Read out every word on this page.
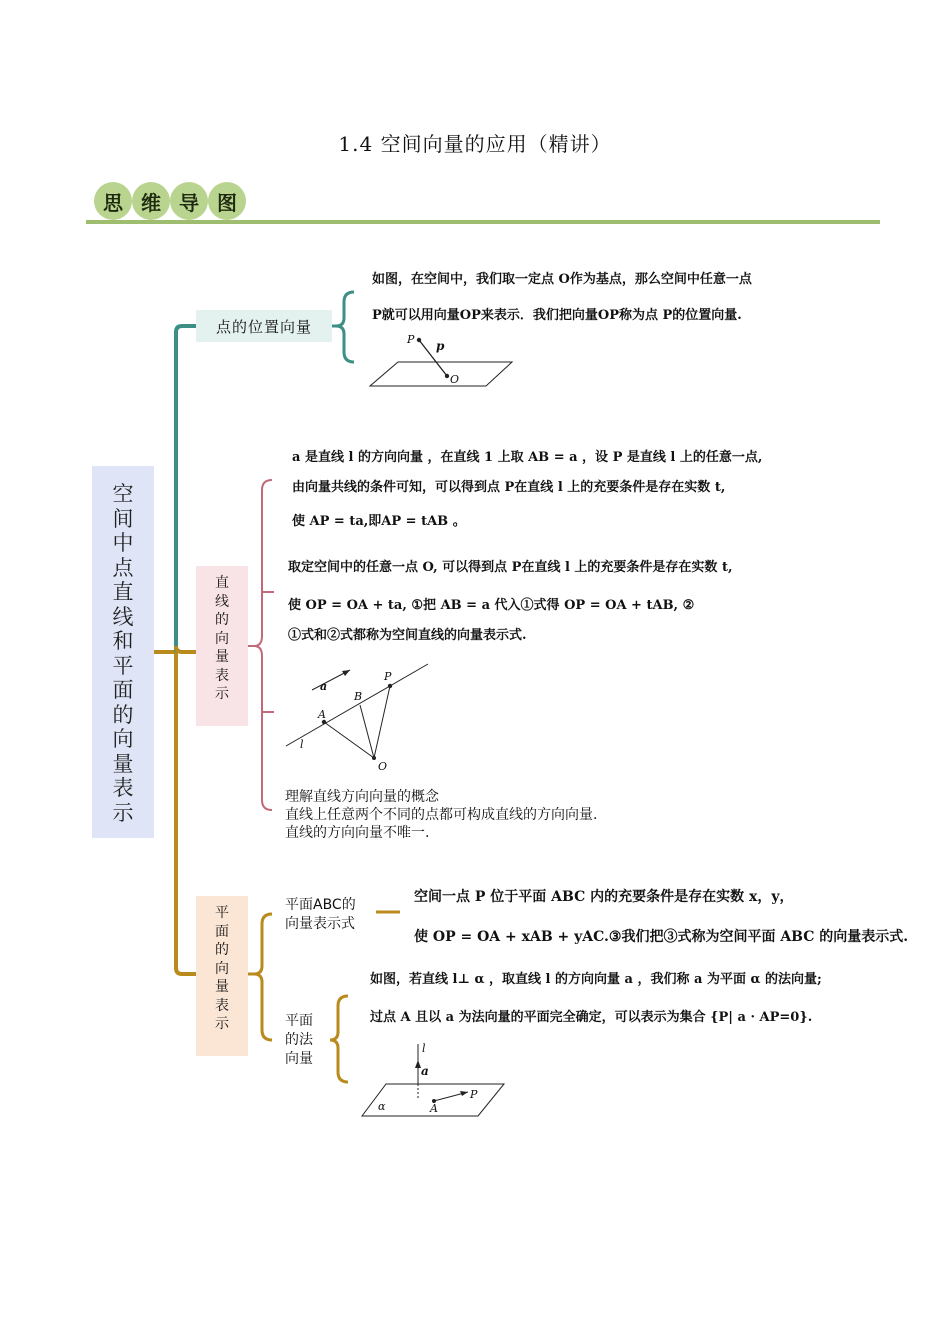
1.4 空间向量的应用（精讲）
思 维 导 图
空
间
中
点
直
线
和
平
面
的
向
量
表
示
点的位置向量
如图，在空间中，我们取一定点 O作为基点，那么空间中任意一点
P就可以用向量OP来表示．我们把向量OP称为点 P的位置向量.
P p
O
直
线
的
向
量
表
示
a 是直线 l 的方向向量 ，在直线 1 上取 AB = a ，设 P 是直线 l 上的任意一点,
由向量共线的条件可知，可以得到点 P在直线 l 上的充要条件是存在实数 t,
使 AP = ta,即AP = tAB 。
取定空间中的任意一点 O, 可以得到点 P在直线 l 上的充要条件是存在实数 t,
使 OP = OA + ta, ①把 AB = a 代入①式得 OP = OA + tAB, ②
①式和②式都称为空间直线的向量表示式.
a
B
P
A
l
O
理解直线方向向量的概念
直线上任意两个不同的点都可构成直线的方向向量.
直线的方向向量不唯一.
平
面
的
向
量
表
示
平面ABC的
向量表示式
空间一点 P 位于平面 ABC 内的充要条件是存在实数 x，y，
使 OP = OA + xAB + yAC.③我们把③式称为空间平面 ABC 的向量表示式.
平面
的法
向量
如图，若直线 l⊥ α ，取直线 l 的方向向量 a ，我们称 a 为平面 α 的法向量;
过点 A 且以 a 为法向量的平面完全确定，可以表示为集合 {P| a · AP=0}.
l
a
α	A
P
